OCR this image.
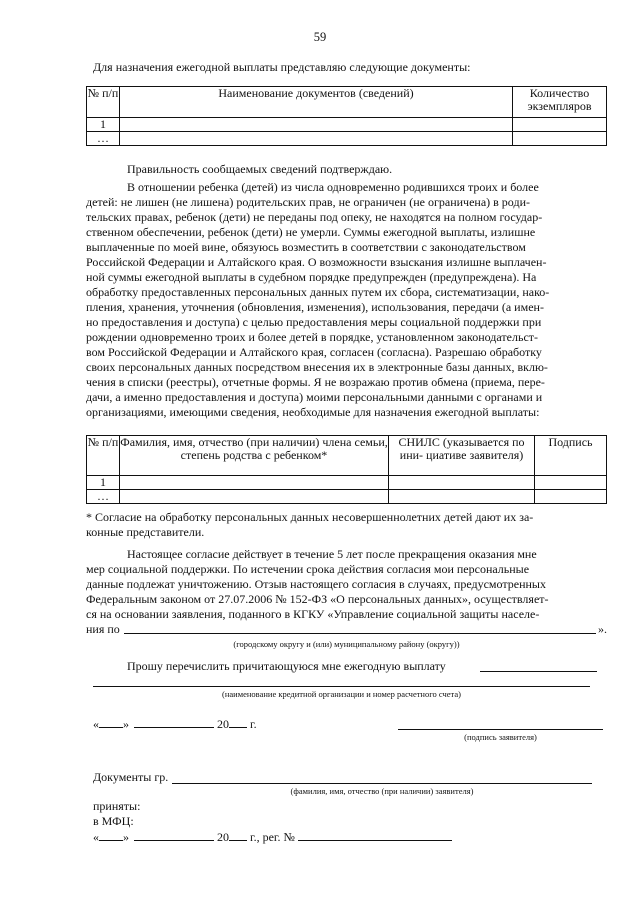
59
Для назначения ежегодной выплаты представляю следующие документы:
№ п/п	Наименование документов (сведений)	Количество экземпляров
1		
…		
Правильность сообщаемых сведений подтверждаю.
В отношении ребенка (детей) из числа одновременно родившихся троих и более
детей: не лишен (не лишена) родительских прав, не ограничен (не ограничена) в роди-
тельских правах, ребенок (дети) не переданы под опеку, не находятся на полном государ-
ственном обеспечении, ребенок (дети) не умерли. Суммы ежегодной выплаты, излишне
выплаченные по моей вине, обязуюсь возместить в соответствии с законодательством
Российской Федерации и Алтайского края. О возможности взыскания излишне выплачен-
ной суммы ежегодной выплаты в судебном порядке предупрежден (предупреждена). На
обработку предоставленных персональных данных путем их сбора, систематизации, нако-
пления, хранения, уточнения (обновления, изменения), использования, передачи (а имен-
но предоставления и доступа) с целью предоставления меры социальной поддержки при
рождении одновременно троих и более детей в порядке, установленном законодательст-
вом Российской Федерации и Алтайского края, согласен (согласна). Разрешаю обработку
своих персональных данных посредством внесения их в электронные базы данных, вклю-
чения в списки (реестры), отчетные формы. Я не возражаю против обмена (приема, пере-
дачи, а именно предоставления и доступа) моими персональными данными с органами и
организациями, имеющими сведения, необходимые для назначения ежегодной выплаты:
№ п/п	Фамилия, имя, отчество (при наличии) члена семьи, степень родства с ребенком*	СНИЛС (указывается по ини- циативе заявителя)	Подпись
1			
…			
* Согласие на обработку персональных данных несовершеннолетних детей дают их за-
конные представители.
Настоящее согласие действует в течение 5 лет после прекращения оказания мне
мер социальной поддержки. По истечении срока действия согласия мои персональные
данные подлежат уничтожению. Отзыв настоящего согласия в случаях, предусмотренных
Федеральным законом от 27.07.2006 № 152-ФЗ «О персональных данных», осуществляет-
ся на основании заявления, поданного в КГКУ «Управление социальной защиты населе-
ния по	».
(городскому округу и (или) муниципальному району (округу))
Прошу перечислить причитающуюся мне ежегодную выплату
(наименование кредитной организации и номер расчетного счета)
« »	20 г.
(подпись заявителя)
Документы гр.
(фамилия, имя, отчество (при наличии) заявителя)
приняты:
в МФЦ:
« »	20 г., рег. №
